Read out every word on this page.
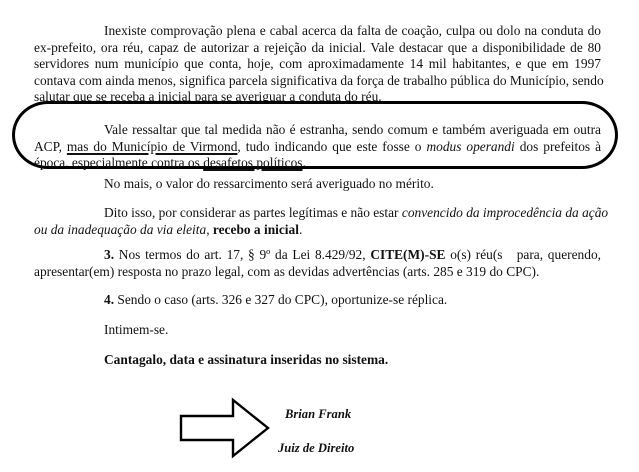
Inexiste comprovação plena e cabal acerca da falta de coação, culpa ou dolo na conduta do
ex-prefeito, ora réu, capaz de autorizar a rejeição da inicial. Vale destacar que a disponibilidade de 80
servidores num município que conta, hoje, com aproximadamente 14 mil habitantes, e que em 1997
contava com ainda menos, significa parcela significativa da força de trabalho pública do Município, sendo
salutar que se receba a inicial para se averiguar a conduta do réu.
Vale ressaltar que tal medida não é estranha, sendo comum e também averiguada em outra
ACP, mas do Município de Virmond, tudo indicando que este fosse o modus operandi dos prefeitos à
época, especialmente contra os desafetos políticos.
No mais, o valor do ressarcimento será averiguado no mérito.
Dito isso, por considerar as partes legítimas e não estar convencido da improcedência da ação
ou da inadequação da via eleita, recebo a inicial.
3. Nos termos do art. 17, § 9º da Lei 8.429/92, CITE(M)-SE o(s) réu(s   para, querendo,
apresentar(em) resposta no prazo legal, com as devidas advertências (arts. 285 e 319 do CPC).
4. Sendo o caso (arts. 326 e 327 do CPC), oportunize-se réplica.
Intimem-se.
Cantagalo, data e assinatura inseridas no sistema.
Brian Frank
Juiz de Direito
